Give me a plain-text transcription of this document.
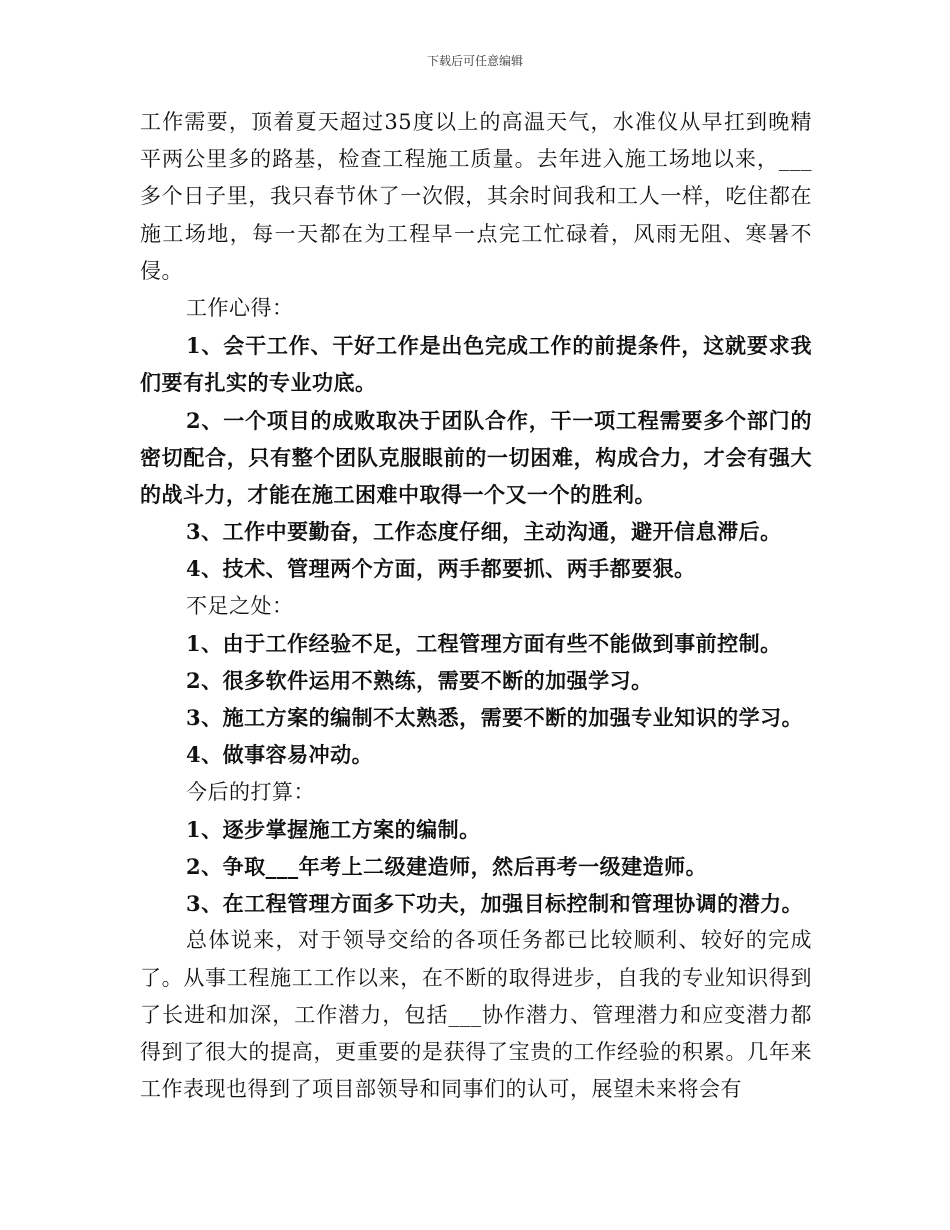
下载后可任意编辑

工作需要，顶着夏天超过35度以上的高温天气，水准仪从早扛到晚精平两公里多的路基，检查工程施工质量。去年进入施工场地以来，___多个日子里，我只春节休了一次假，其余时间我和工人一样，吃住都在施工场地，每一天都在为工程早一点完工忙碌着，风雨无阻、寒暑不侵。

工作心得：

1、会干工作、干好工作是出色完成工作的前提条件，这就要求我们要有扎实的专业功底。

2、一个项目的成败取决于团队合作，干一项工程需要多个部门的密切配合，只有整个团队克服眼前的一切困难，构成合力，才会有强大的战斗力，才能在施工困难中取得一个又一个的胜利。

3、工作中要勤奋，工作态度仔细，主动沟通，避开信息滞后。

4、技术、管理两个方面，两手都要抓、两手都要狠。

不足之处：

1、由于工作经验不足，工程管理方面有些不能做到事前控制。

2、很多软件运用不熟练，需要不断的加强学习。

3、施工方案的编制不太熟悉，需要不断的加强专业知识的学习。

4、做事容易冲动。

今后的打算：

1、逐步掌握施工方案的编制。

2、争取___年考上二级建造师，然后再考一级建造师。

3、在工程管理方面多下功夫，加强目标控制和管理协调的潜力。

总体说来，对于领导交给的各项任务都已比较顺利、较好的完成了。从事工程施工工作以来，在不断的取得进步，自我的专业知识得到了长进和加深，工作潜力，包括___协作潜力、管理潜力和应变潜力都得到了很大的提高，更重要的是获得了宝贵的工作经验的积累。几年来工作表现也得到了项目部领导和同事们的认可，展望未来将会有
